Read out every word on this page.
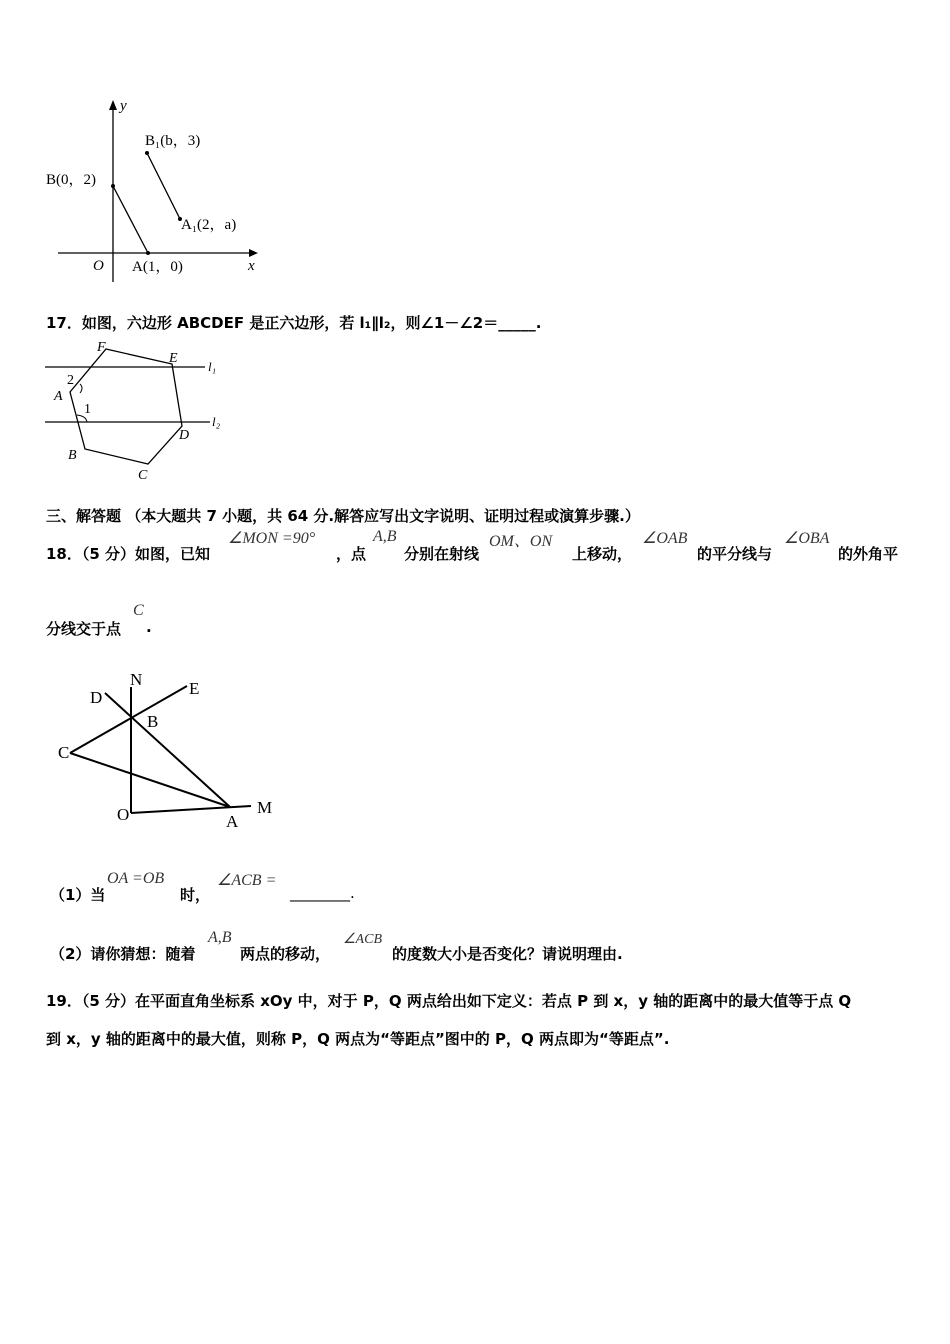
y
x
O
B(0，2)
B₁(b，3)
A₁(2，a)
A(1，0)
17．如图，六边形 ABCDEF 是正六边形，若 l₁∥l₂，则∠1－∠2＝_____.
F
E
l₁
2
A
1
D
l₂
B
C
三、解答题 （本大题共 7 小题，共 64 分.解答应写出文字说明、证明过程或演算步骤.）
18．（5 分）如图，已知
∠MON =90°
，点
A,B
分别在射线
OM、ON
上移动，
∠OAB
的平分线与
∠OBA
的外角平
分线交于点
C
.
N	E
D
B
C
O	A
M
（1）当
OA =OB
时，
∠ACB =
________.
（2）请你猜想：随着
A,B
两点的移动，
∠ACB
的度数大小是否变化？请说明理由.
19．（5 分）在平面直角坐标系 xOy 中，对于 P，Q 两点给出如下定义：若点 P 到 x，y 轴的距离中的最大值等于点 Q
到 x，y 轴的距离中的最大值，则称 P，Q 两点为“等距点”图中的 P，Q 两点即为“等距点”.
